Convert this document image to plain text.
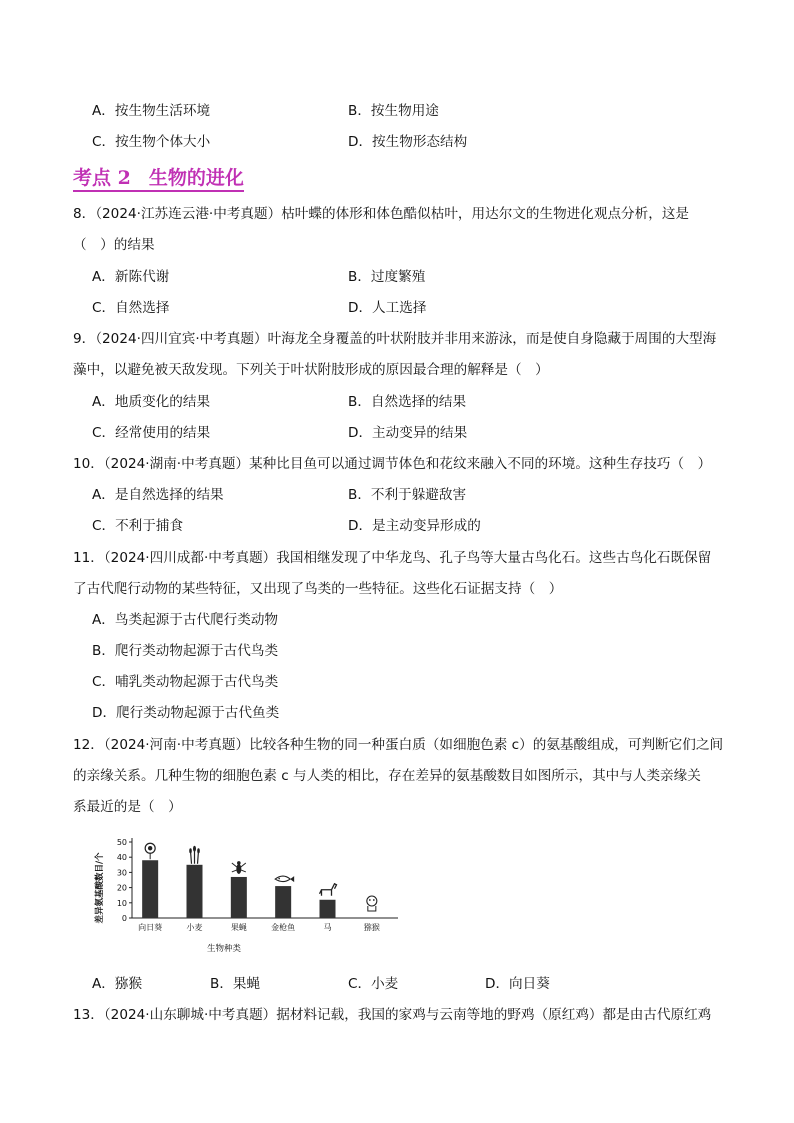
A．按生物生活环境	B．按生物用途
C．按生物个体大小	D．按生物形态结构
考点 2 生物的进化
8．（2024·江苏连云港·中考真题）枯叶蝶的体形和体色酷似枯叶，用达尔文的生物进化观点分析，这是
（　）的结果
A．新陈代谢	B．过度繁殖
C．自然选择	D．人工选择
9．（2024·四川宜宾·中考真题）叶海龙全身覆盖的叶状附肢并非用来游泳，而是使自身隐藏于周围的大型海
藻中，以避免被天敌发现。下列关于叶状附肢形成的原因最合理的解释是（　）
A．地质变化的结果	B．自然选择的结果
C．经常使用的结果	D．主动变异的结果
10．（2024·湖南·中考真题）某种比目鱼可以通过调节体色和花纹来融入不同的环境。这种生存技巧（　）
A．是自然选择的结果	B．不利于躲避敌害
C．不利于捕食	D．是主动变异形成的
11．（2024·四川成都·中考真题）我国相继发现了中华龙鸟、孔子鸟等大量古鸟化石。这些古鸟化石既保留
了古代爬行动物的某些特征，又出现了鸟类的一些特征。这些化石证据支持（　）
A．鸟类起源于古代爬行类动物
B．爬行类动物起源于古代鸟类
C．哺乳类动物起源于古代鸟类
D．爬行类动物起源于古代鱼类
12．（2024·河南·中考真题）比较各种生物的同一种蛋白质（如细胞色素 c）的氨基酸组成，可判断它们之间
的亲缘关系。几种生物的细胞色素 c 与人类的相比，存在差异的氨基酸数目如图所示，其中与人类亲缘关
系最近的是（　）
差异氨基酸数目/个 0
10
20
30
40
50
向日葵	小麦	果蝇	金枪鱼	马	猕猴
生物种类
A．猕猴	B．果蝇	C．小麦	D．向日葵
13．（2024·山东聊城·中考真题）据材料记载，我国的家鸡与云南等地的野鸡（原红鸡）都是由古代原红鸡
